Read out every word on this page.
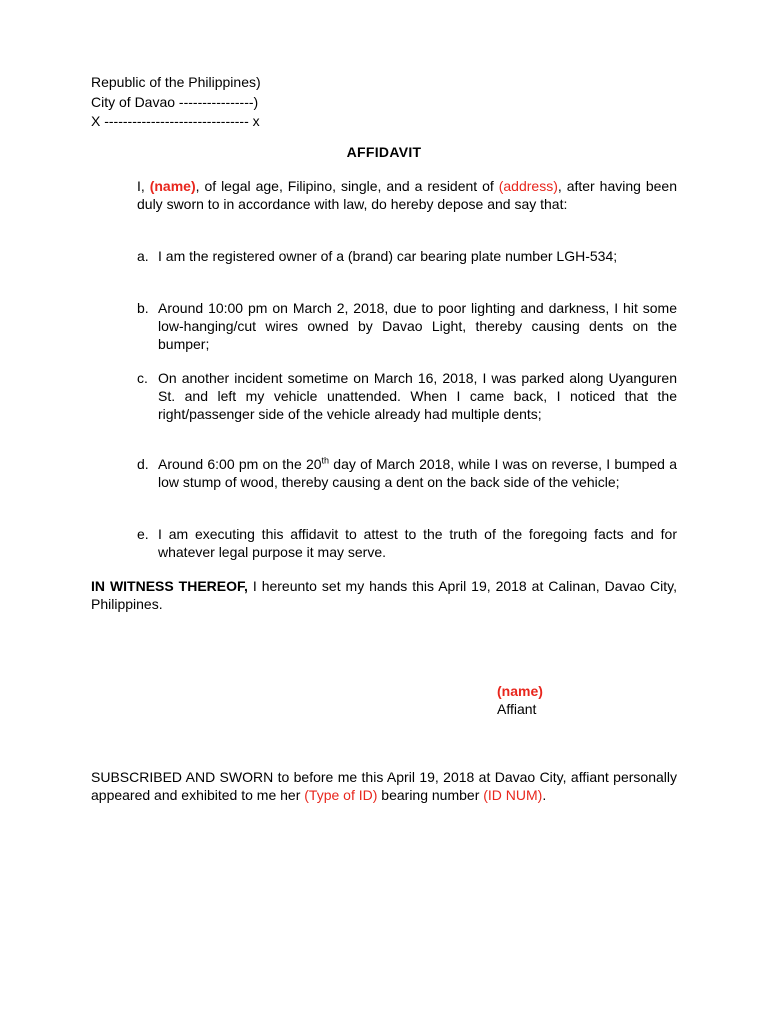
Republic of the Philippines)
City of Davao ----------------)
X ------------------------------- x
AFFIDAVIT
I, (name), of legal age, Filipino, single, and a resident of (address), after having been duly sworn to in accordance with law, do hereby depose and say that:
a. I am the registered owner of a (brand) car bearing plate number LGH-534;
b. Around 10:00 pm on March 2, 2018, due to poor lighting and darkness, I hit some low-hanging/cut wires owned by Davao Light, thereby causing dents on the bumper;
c. On another incident sometime on March 16, 2018, I was parked along Uyanguren St. and left my vehicle unattended. When I came back, I noticed that the right/passenger side of the vehicle already had multiple dents;
d. Around 6:00 pm on the 20th day of March 2018, while I was on reverse, I bumped a low stump of wood, thereby causing a dent on the back side of the vehicle;
e. I am executing this affidavit to attest to the truth of the foregoing facts and for whatever legal purpose it may serve.
IN WITNESS THEREOF, I hereunto set my hands this April 19, 2018 at Calinan, Davao City, Philippines.
(name)
Affiant
SUBSCRIBED AND SWORN to before me this April 19, 2018 at Davao City, affiant personally appeared and exhibited to me her (Type of ID) bearing number (ID NUM).
